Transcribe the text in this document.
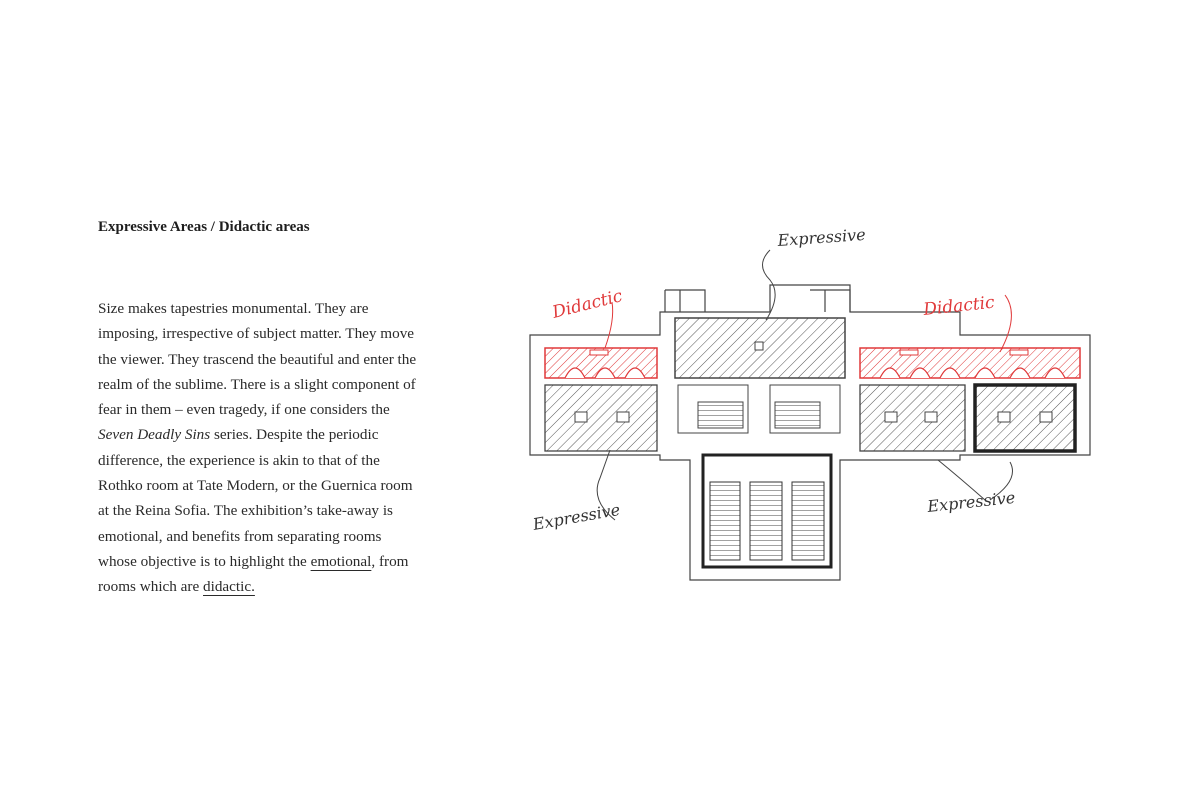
Expressive Areas / Didactic areas

Size makes tapestries monumental. They are imposing, irrespective of subject matter. They move the viewer. They trascend the beautiful and enter the realm of the sublime. There is a slight component of fear in them – even tragedy, if one considers the Seven Deadly Sins series. Despite the periodic difference, the experience is akin to that of the Rothko room at Tate Modern, or the Guernica room at the Reina Sofia. The exhibition’s take-away is emotional, and benefits from separating rooms whose objective is to highlight the emotional, from rooms which are didactic.

Expressive
Didactic	Didactic
Expressive	Expressive
